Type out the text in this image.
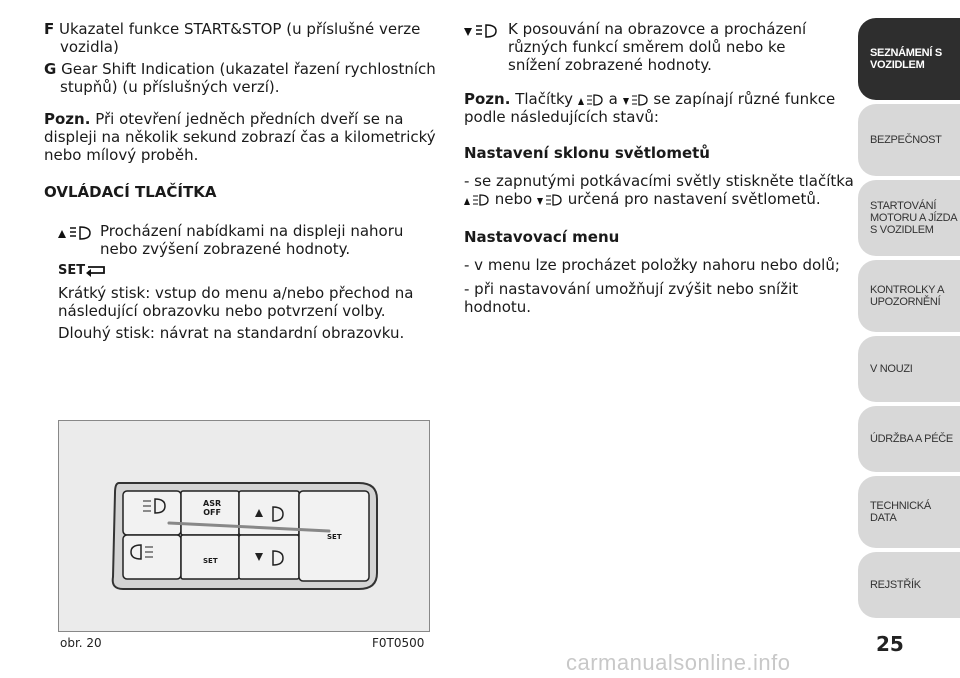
F Ukazatel funkce START&STOP (u příslušné verze vozidla)
G Gear Shift Indication (ukazatel řazení rychlostních stupňů) (u příslušných verzí).
Pozn. Při otevření jedněch předních dveří se na displeji na několik sekund zobrazí čas a kilometrický nebo mílový proběh.
OVLÁDACÍ TLAČÍTKA
Procházení nabídkami na displeji nahoru nebo zvýšení zobrazené hodnoty.
SET
Krátký stisk: vstup do menu a/nebo přechod na následující obrazovku nebo potvrzení volby.
Dlouhý stisk: návrat na standardní obrazovku.
ASR
OFF
SET
SET
obr. 20	F0T0500
K posouvání na obrazovce a procházení různých funkcí směrem dolů nebo ke snížení zobrazené hodnoty.
Pozn. Tlačítky a se zapínají různé funkce podle následujících stavů:
Nastavení sklonu světlometů
- se zapnutými potkávacími světly stiskněte tlačítka  nebo určená pro nastavení světlometů.
Nastavovací menu
- v menu lze procházet položky nahoru nebo dolů;
- při nastavování umožňují zvýšit nebo snížit hodnotu.
SEZNÁMENÍ S VOZIDLEM
BEZPEČNOST
STARTOVÁNÍ MOTORU A JÍZDA S VOZIDLEM
KONTROLKY A UPOZORNĚNÍ
V NOUZI
ÚDRŽBA A PÉČE
TECHNICKÁ DATA
REJSTŘÍK
25
carmanualsonline.info
